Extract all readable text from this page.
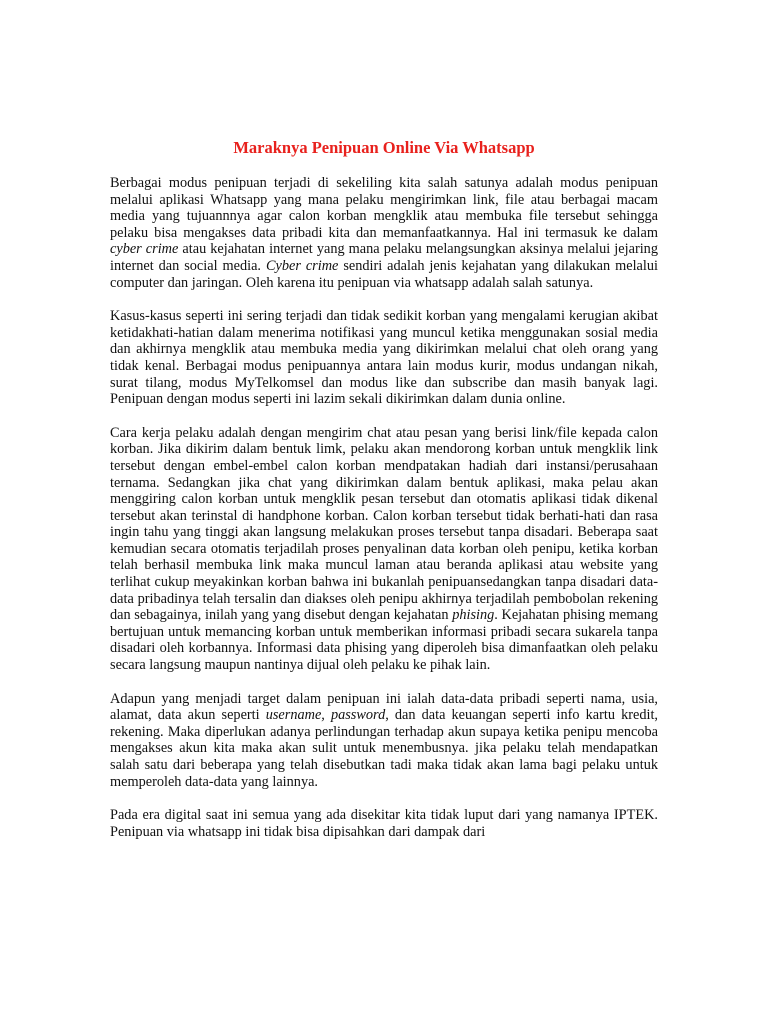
Maraknya Penipuan Online Via Whatsapp

Berbagai modus penipuan terjadi di sekeliling kita salah satunya adalah modus penipuan melalui aplikasi Whatsapp yang mana pelaku mengirimkan link, file atau berbagai macam media yang tujuannnya agar calon korban mengklik atau membuka file tersebut sehingga pelaku bisa mengakses data pribadi kita dan memanfaatkannya. Hal ini termasuk ke dalam cyber crime atau kejahatan internet yang mana pelaku melangsungkan aksinya melalui jejaring internet dan social media. Cyber crime sendiri adalah jenis kejahatan yang dilakukan melalui computer dan jaringan. Oleh karena itu penipuan via whatsapp adalah salah satunya.

Kasus-kasus seperti ini sering terjadi dan tidak sedikit korban yang mengalami kerugian akibat ketidakhati-hatian dalam menerima notifikasi yang muncul ketika menggunakan sosial media dan akhirnya mengklik atau membuka media yang dikirimkan melalui chat oleh orang yang tidak kenal. Berbagai modus penipuannya antara lain modus kurir, modus undangan nikah, surat tilang, modus MyTelkomsel dan modus like dan subscribe dan masih banyak lagi. Penipuan dengan modus seperti ini lazim sekali dikirimkan dalam dunia online.

Cara kerja pelaku adalah dengan mengirim chat atau pesan yang berisi link/file kepada calon korban. Jika dikirim dalam bentuk limk, pelaku akan mendorong korban untuk mengklik link tersebut dengan embel-embel calon korban mendpatakan hadiah dari instansi/perusahaan ternama. Sedangkan jika chat yang dikirimkan dalam bentuk aplikasi, maka pelau akan menggiring calon korban untuk mengklik pesan tersebut dan otomatis aplikasi tidak dikenal tersebut akan terinstal di handphone korban. Calon korban tersebut tidak berhati-hati dan rasa ingin tahu yang tinggi akan langsung melakukan proses tersebut tanpa disadari. Beberapa saat kemudian secara otomatis terjadilah proses penyalinan data korban oleh penipu, ketika korban telah berhasil membuka link maka muncul laman atau beranda aplikasi atau website yang terlihat cukup meyakinkan korban bahwa ini bukanlah penipuansedangkan tanpa disadari data-data pribadinya telah tersalin dan diakses oleh penipu akhirnya terjadilah pembobolan rekening dan sebagainya, inilah yang yang disebut dengan kejahatan phising. Kejahatan phising memang bertujuan untuk memancing korban untuk memberikan informasi pribadi secara sukarela tanpa disadari oleh korbannya. Informasi data phising yang diperoleh bisa dimanfaatkan oleh pelaku secara langsung maupun nantinya dijual oleh pelaku ke pihak lain.

Adapun yang menjadi target dalam penipuan ini ialah data-data pribadi seperti nama, usia, alamat, data akun seperti username, password, dan data keuangan seperti info kartu kredit, rekening. Maka diperlukan adanya perlindungan terhadap akun supaya ketika penipu mencoba mengakses akun kita maka akan sulit untuk menembusnya. jika pelaku telah mendapatkan salah satu dari beberapa yang telah disebutkan tadi maka tidak akan lama bagi pelaku untuk memperoleh data-data yang lainnya.

Pada era digital saat ini semua yang ada disekitar kita tidak luput dari yang namanya IPTEK. Penipuan via whatsapp ini tidak bisa dipisahkan dari dampak dari
